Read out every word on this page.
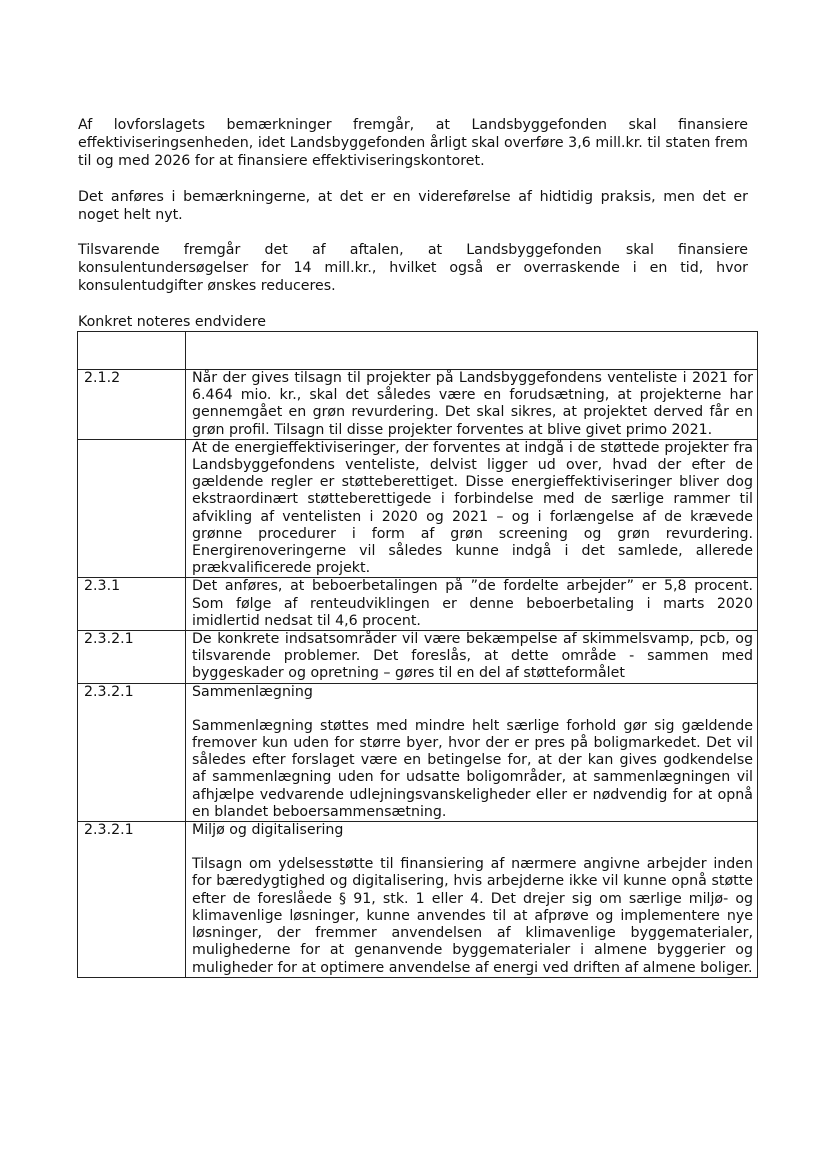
Af lovforslagets bemærkninger fremgår, at Landsbyggefonden skal finansiere effektiviseringsenheden, idet Landsbyggefonden årligt skal overføre 3,6 mill.kr. til staten frem til og med 2026 for at finansiere effektiviseringskontoret.

Det anføres i bemærkningerne, at det er en videreførelse af hidtidig praksis, men det er noget helt nyt.

Tilsvarende fremgår det af aftalen, at Landsbyggefonden skal finansiere konsulentundersøgelser for 14 mill.kr., hvilket også er overraskende i en tid, hvor konsulentudgifter ønskes reduceres.

Konkret noteres endvidere

2.1.2	Når der gives tilsagn til projekter på Landsbyggefondens venteliste i 2021 for 6.464 mio. kr., skal det således være en forudsætning, at projekterne har gennemgået en grøn revurdering. Det skal sikres, at projektet derved får en grøn profil. Tilsagn til disse projekter forventes at blive givet primo 2021.

	At de energieffektiviseringer, der forventes at indgå i de støttede projekter fra Landsbyggefondens venteliste, delvist ligger ud over, hvad der efter de gældende regler er støtteberettiget. Disse energieffektiviseringer bliver dog ekstraordinært støtteberettigede i forbindelse med de særlige rammer til afvikling af ventelisten i 2020 og 2021 – og i forlængelse af de krævede grønne procedurer i form af grøn screening og grøn revurdering. Energirenoveringerne vil således kunne indgå i det samlede, allerede prækvalificerede projekt.

2.3.1	Det anføres, at beboerbetalingen på ”de fordelte arbejder” er 5,8 procent. Som følge af renteudviklingen er denne beboerbetaling i marts 2020 imidlertid nedsat til 4,6 procent.

2.3.2.1	De konkrete indsatsområder vil være bekæmpelse af skimmelsvamp, pcb, og tilsvarende problemer. Det foreslås, at dette område - sammen med byggeskader og opretning – gøres til en del af støtteformålet

2.3.2.1	Sammenlægning
Sammenlægning støttes med mindre helt særlige forhold gør sig gældende fremover kun uden for større byer, hvor der er pres på boligmarkedet. Det vil således efter forslaget være en betingelse for, at der kan gives godkendelse af sammenlægning uden for udsatte boligområder, at sammenlægningen vil afhjælpe vedvarende udlejningsvanskeligheder eller er nødvendig for at opnå en blandet beboersammensætning.

2.3.2.1	Miljø og digitalisering
Tilsagn om ydelsesstøtte til finansiering af nærmere angivne arbejder inden for bæredygtighed og digitalisering, hvis arbejderne ikke vil kunne opnå støtte efter de foreslåede § 91, stk. 1 eller 4. Det drejer sig om særlige miljø- og klimavenlige løsninger, kunne anvendes til at afprøve og implementere nye løsninger, der fremmer anvendelsen af klimavenlige byggematerialer, mulighederne for at genanvende byggematerialer i almene byggerier og muligheder for at optimere anvendelse af energi ved driften af almene boliger.
